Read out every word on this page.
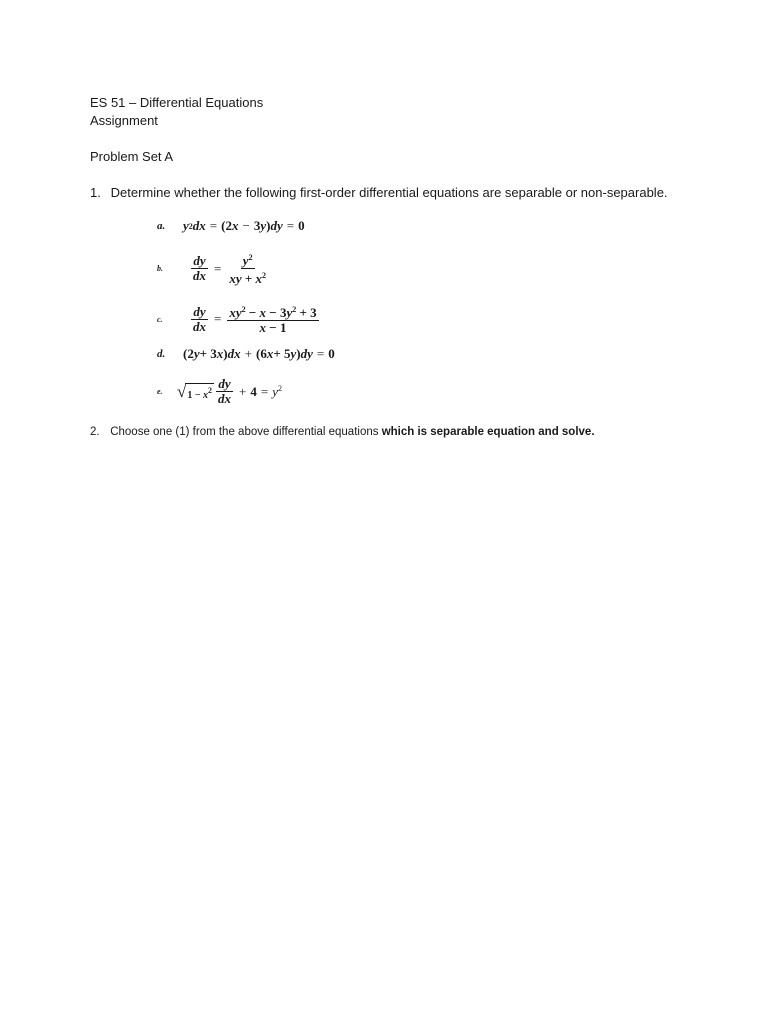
ES 51 – Differential Equations
Assignment
Problem Set A
1. Determine whether the following first-order differential equations are separable or non-separable.
a.	y 2 dx = (2 x − 3 y ) dy = 0
b.	$\frac{dy}{dx} = \frac{y^2}{xy + x^2}$
c.	$\frac{dy}{dx} = \frac{xy^2 - x - 3y^2 + 3}{x - 1}$
d.	(2 y + 3 x ) dx + (6 x + 5 y ) dy = 0
e. √ $1 - x^2 \frac{dy}{dx} + 4 = y^2$
2. Choose one (1) from the above differential equations which is separable equation and solve.
